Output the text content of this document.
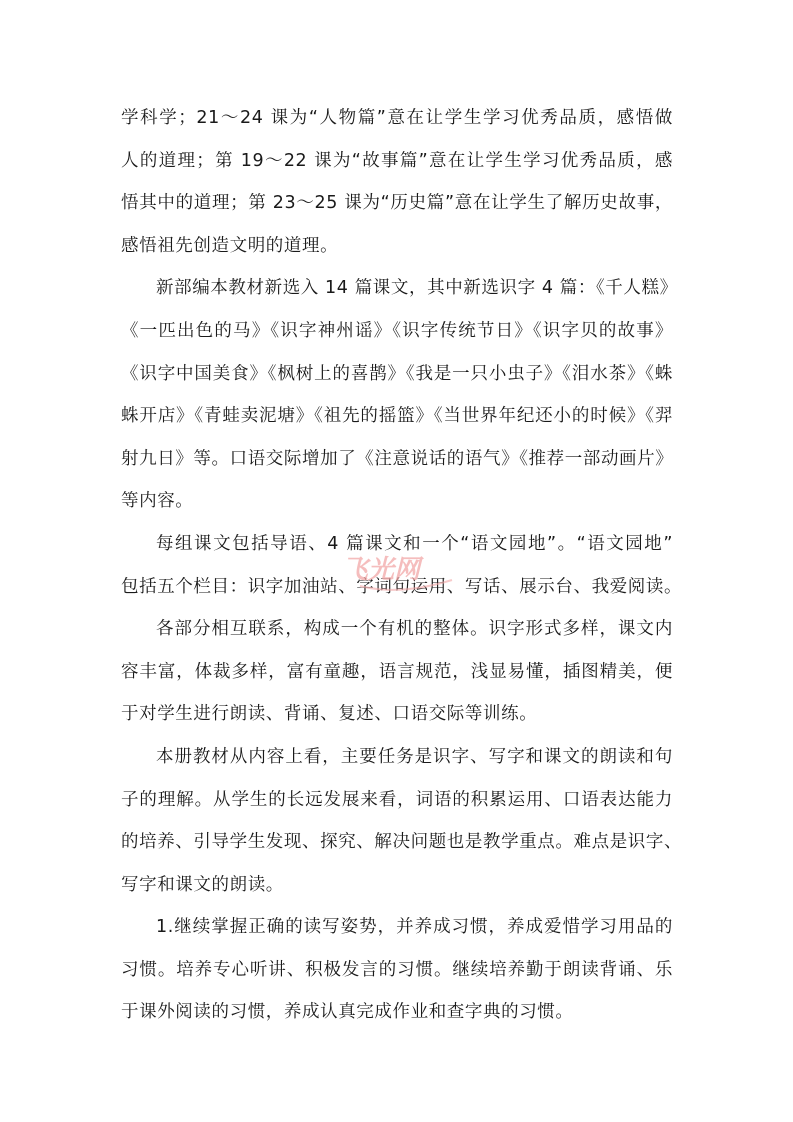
学科学；21～24 课为“人物篇”意在让学生学习优秀品质，感悟做
人的道理；第 19～22 课为“故事篇”意在让学生学习优秀品质，感
悟其中的道理；第 23～25 课为“历史篇”意在让学生了解历史故事，
感悟祖先创造文明的道理。
新部编本教材新选入 14 篇课文，其中新选识字 4 篇：《千人糕》
《一匹出色的马》《识字神州谣》《识字传统节日》《识字贝的故事》
《识字中国美食》《枫树上的喜鹊》《我是一只小虫子》《泪水茶》《蛛
蛛开店》《青蛙卖泥塘》《祖先的摇篮》《当世界年纪还小的时候》《羿
射九日》等。口语交际增加了《注意说话的语气》《推荐一部动画片》
等内容。
每组课文包括导语、4 篇课文和一个“语文园地”。“语文园地”
包括五个栏目：识字加油站、字词句运用、写话、展示台、我爱阅读。
各部分相互联系，构成一个有机的整体。识字形式多样，课文内
容丰富，体裁多样，富有童趣，语言规范，浅显易懂，插图精美，便
于对学生进行朗读、背诵、复述、口语交际等训练。
本册教材从内容上看，主要任务是识字、写字和课文的朗读和句
子的理解。从学生的长远发展来看，词语的积累运用、口语表达能力
的培养、引导学生发现、探究、解决问题也是教学重点。难点是识字、
写字和课文的朗读。
1.继续掌握正确的读写姿势，并养成习惯，养成爱惜学习用品的
习惯。培养专心听讲、积极发言的习惯。继续培养勤于朗读背诵、乐
于课外阅读的习惯，养成认真完成作业和查字典的习惯。
飞光网
